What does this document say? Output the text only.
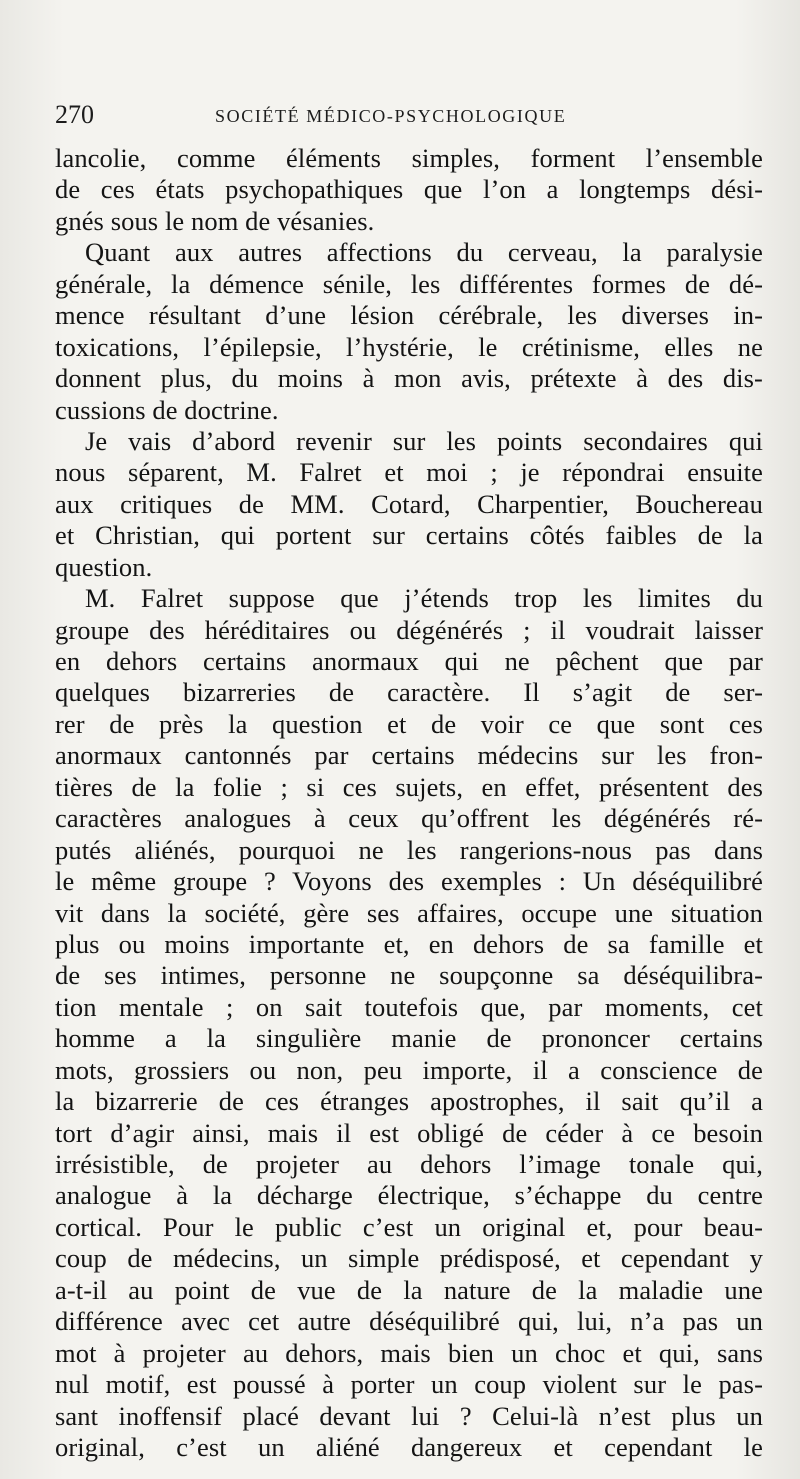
270	SOCIÉTÉ MÉDICO-PSYCHOLOGIQUE
lancolie, comme éléments simples, forment l’ensemble
de ces états psychopathiques que l’on a longtemps dési-
gnés sous le nom de vésanies.
Quant aux autres affections du cerveau, la paralysie
générale, la démence sénile, les différentes formes de dé-
mence résultant d’une lésion cérébrale, les diverses in-
toxications, l’épilepsie, l’hystérie, le crétinisme, elles ne
donnent plus, du moins à mon avis, prétexte à des dis-
cussions de doctrine.
Je vais d’abord revenir sur les points secondaires qui
nous séparent, M. Falret et moi ; je répondrai ensuite
aux critiques de MM. Cotard, Charpentier, Bouchereau
et Christian, qui portent sur certains côtés faibles de la
question.
M. Falret suppose que j’étends trop les limites du
groupe des héréditaires ou dégénérés ; il voudrait laisser
en dehors certains anormaux qui ne pêchent que par
quelques bizarreries de caractère. Il s’agit de ser-
rer de près la question et de voir ce que sont ces
anormaux cantonnés par certains médecins sur les fron-
tières de la folie ; si ces sujets, en effet, présentent des
caractères analogues à ceux qu’offrent les dégénérés ré-
putés aliénés, pourquoi ne les rangerions-nous pas dans
le même groupe ? Voyons des exemples : Un déséquilibré
vit dans la société, gère ses affaires, occupe une situation
plus ou moins importante et, en dehors de sa famille et
de ses intimes, personne ne soupçonne sa déséquilibra-
tion mentale ; on sait toutefois que, par moments, cet
homme a la singulière manie de prononcer certains
mots, grossiers ou non, peu importe, il a conscience de
la bizarrerie de ces étranges apostrophes, il sait qu’il a
tort d’agir ainsi, mais il est obligé de céder à ce besoin
irrésistible, de projeter au dehors l’image tonale qui,
analogue à la décharge électrique, s’échappe du centre
cortical. Pour le public c’est un original et, pour beau-
coup de médecins, un simple prédisposé, et cependant y
a-t-il au point de vue de la nature de la maladie une
différence avec cet autre déséquilibré qui, lui, n’a pas un
mot à projeter au dehors, mais bien un choc et qui, sans
nul motif, est poussé à porter un coup violent sur le pas-
sant inoffensif placé devant lui ? Celui-là n’est plus un
original, c’est un aliéné dangereux et cependant le
